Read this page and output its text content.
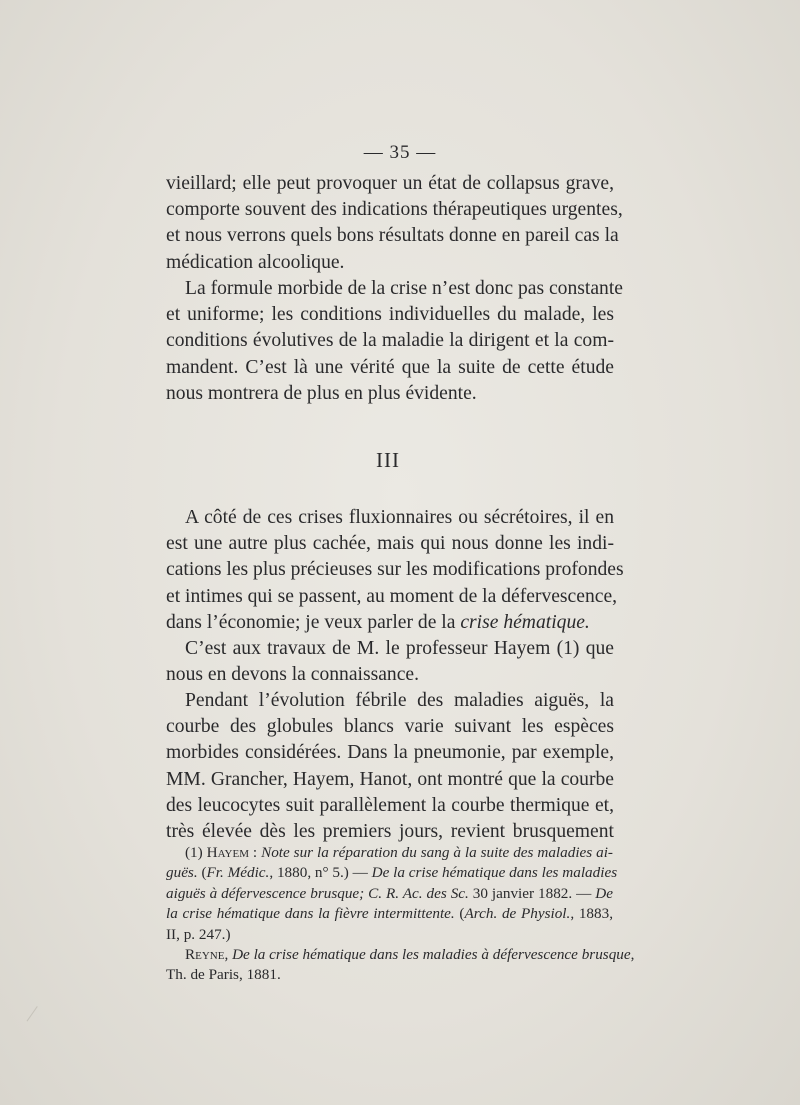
— 35 —

vieillard; elle peut provoquer un état de collapsus grave,
comporte souvent des indications thérapeutiques urgentes,
et nous verrons quels bons résultats donne en pareil cas la
médication alcoolique.

La formule morbide de la crise n’est donc pas constante
et uniforme; les conditions individuelles du malade, les
conditions évolutives de la maladie la dirigent et la com-
mandent. C’est là une vérité que la suite de cette étude
nous montrera de plus en plus évidente.

III

A côté de ces crises fluxionnaires ou sécrétoires, il en
est une autre plus cachée, mais qui nous donne les indi-
cations les plus précieuses sur les modifications profondes
et intimes qui se passent, au moment de la défervescence,
dans l’économie; je veux parler de la crise hématique.

C’est aux travaux de M. le professeur Hayem (1) que
nous en devons la connaissance.

Pendant l’évolution fébrile des maladies aiguës, la
courbe des globules blancs varie suivant les espèces
morbides considérées. Dans la pneumonie, par exemple,
MM. Grancher, Hayem, Hanot, ont montré que la courbe
des leucocytes suit parallèlement la courbe thermique et,
très élevée dès les premiers jours, revient brusquement

(1) Hayem : Note sur la réparation du sang à la suite des maladies ai-
guës. (Fr. Médic., 1880, n° 5.) — De la crise hématique dans les maladies
aiguës à défervescence brusque; C. R. Ac. des Sc. 30 janvier 1882. — De
la crise hématique dans la fièvre intermittente. (Arch. de Physiol., 1883,
II, p. 247.)
Reyne, De la crise hématique dans les maladies à défervescence brusque,
Th. de Paris, 1881.
